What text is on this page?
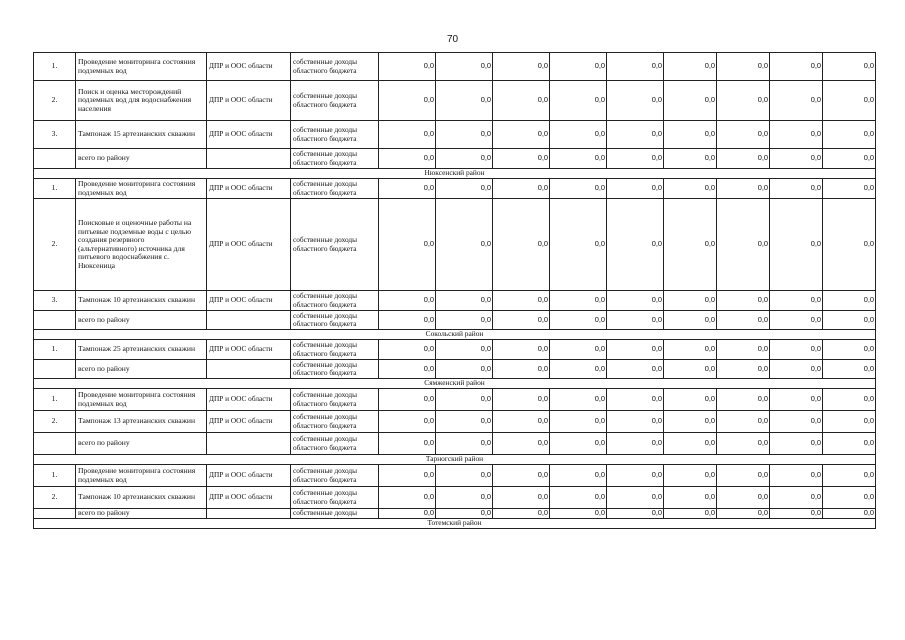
70
1.	Проведение мониторинга состояния подземных вод	ДПР и ООС области	собственные доходы областного бюджета	0,0	0,0	0,0	0,0	0,0	0,0	0,0	0,0	0,0
2.	Поиск и оценка месторождений подземных вод для водоснабжения населения	ДПР и ООС области	собственные доходы областного бюджета	0,0	0,0	0,0	0,0	0,0	0,0	0,0	0,0	0,0
3.	Тампонаж 15 артезианских скважин	ДПР и ООС области	собственные доходы областного бюджета	0,0	0,0	0,0	0,0	0,0	0,0	0,0	0,0	0,0
	всего по району		собственные доходы областного бюджета	0,0	0,0	0,0	0,0	0,0	0,0	0,0	0,0	0,0
Нюксенский район												
1.	Проведение мониторинга состояния подземных вод	ДПР и ООС области	собственные доходы областного бюджета	0,0	0,0	0,0	0,0	0,0	0,0	0,0	0,0	0,0
2.	Поисковые и оценочные работы на питьевые подземные воды с целью создания резервного (альтернативного) источника для питьевого водоснабжения с. Нюксеница	ДПР и ООС области	собственные доходы областного бюджета	0,0	0,0	0,0	0,0	0,0	0,0	0,0	0,0	0,0
3.	Тампонаж 10 артезианских скважин	ДПР и ООС области	собственные доходы областного бюджета	0,0	0,0	0,0	0,0	0,0	0,0	0,0	0,0	0,0
	всего по району		собственные доходы областного бюджета	0,0	0,0	0,0	0,0	0,0	0,0	0,0	0,0	0,0
Сокольский район												
1.	Тампонаж 25 артезианских скважин	ДПР и ООС области	собственные доходы областного бюджета	0,0	0,0	0,0	0,0	0,0	0,0	0,0	0,0	0,0
	всего по району		собственные доходы областного бюджета	0,0	0,0	0,0	0,0	0,0	0,0	0,0	0,0	0,0
Сямженский район												
1.	Проведение мониторинга состояния подземных вод	ДПР и ООС области	собственные доходы областного бюджета	0,0	0,0	0,0	0,0	0,0	0,0	0,0	0,0	0,0
2.	Тампонаж 13 артезианских скважин	ДПР и ООС области	собственные доходы областного бюджета	0,0	0,0	0,0	0,0	0,0	0,0	0,0	0,0	0,0
	всего по району		собственные доходы областного бюджета	0,0	0,0	0,0	0,0	0,0	0,0	0,0	0,0	0,0
Тарногский район												
1.	Проведение мониторинга состояния подземных вод	ДПР и ООС области	собственные доходы областного бюджета	0,0	0,0	0,0	0,0	0,0	0,0	0,0	0,0	0,0
2.	Тампонаж 10 артезианских скважин	ДПР и ООС области	собственные доходы областного бюджета	0,0	0,0	0,0	0,0	0,0	0,0	0,0	0,0	0,0
	всего по району		собственные доходы	0,0	0,0	0,0	0,0	0,0	0,0	0,0	0,0	0,0
Тотемский район												
